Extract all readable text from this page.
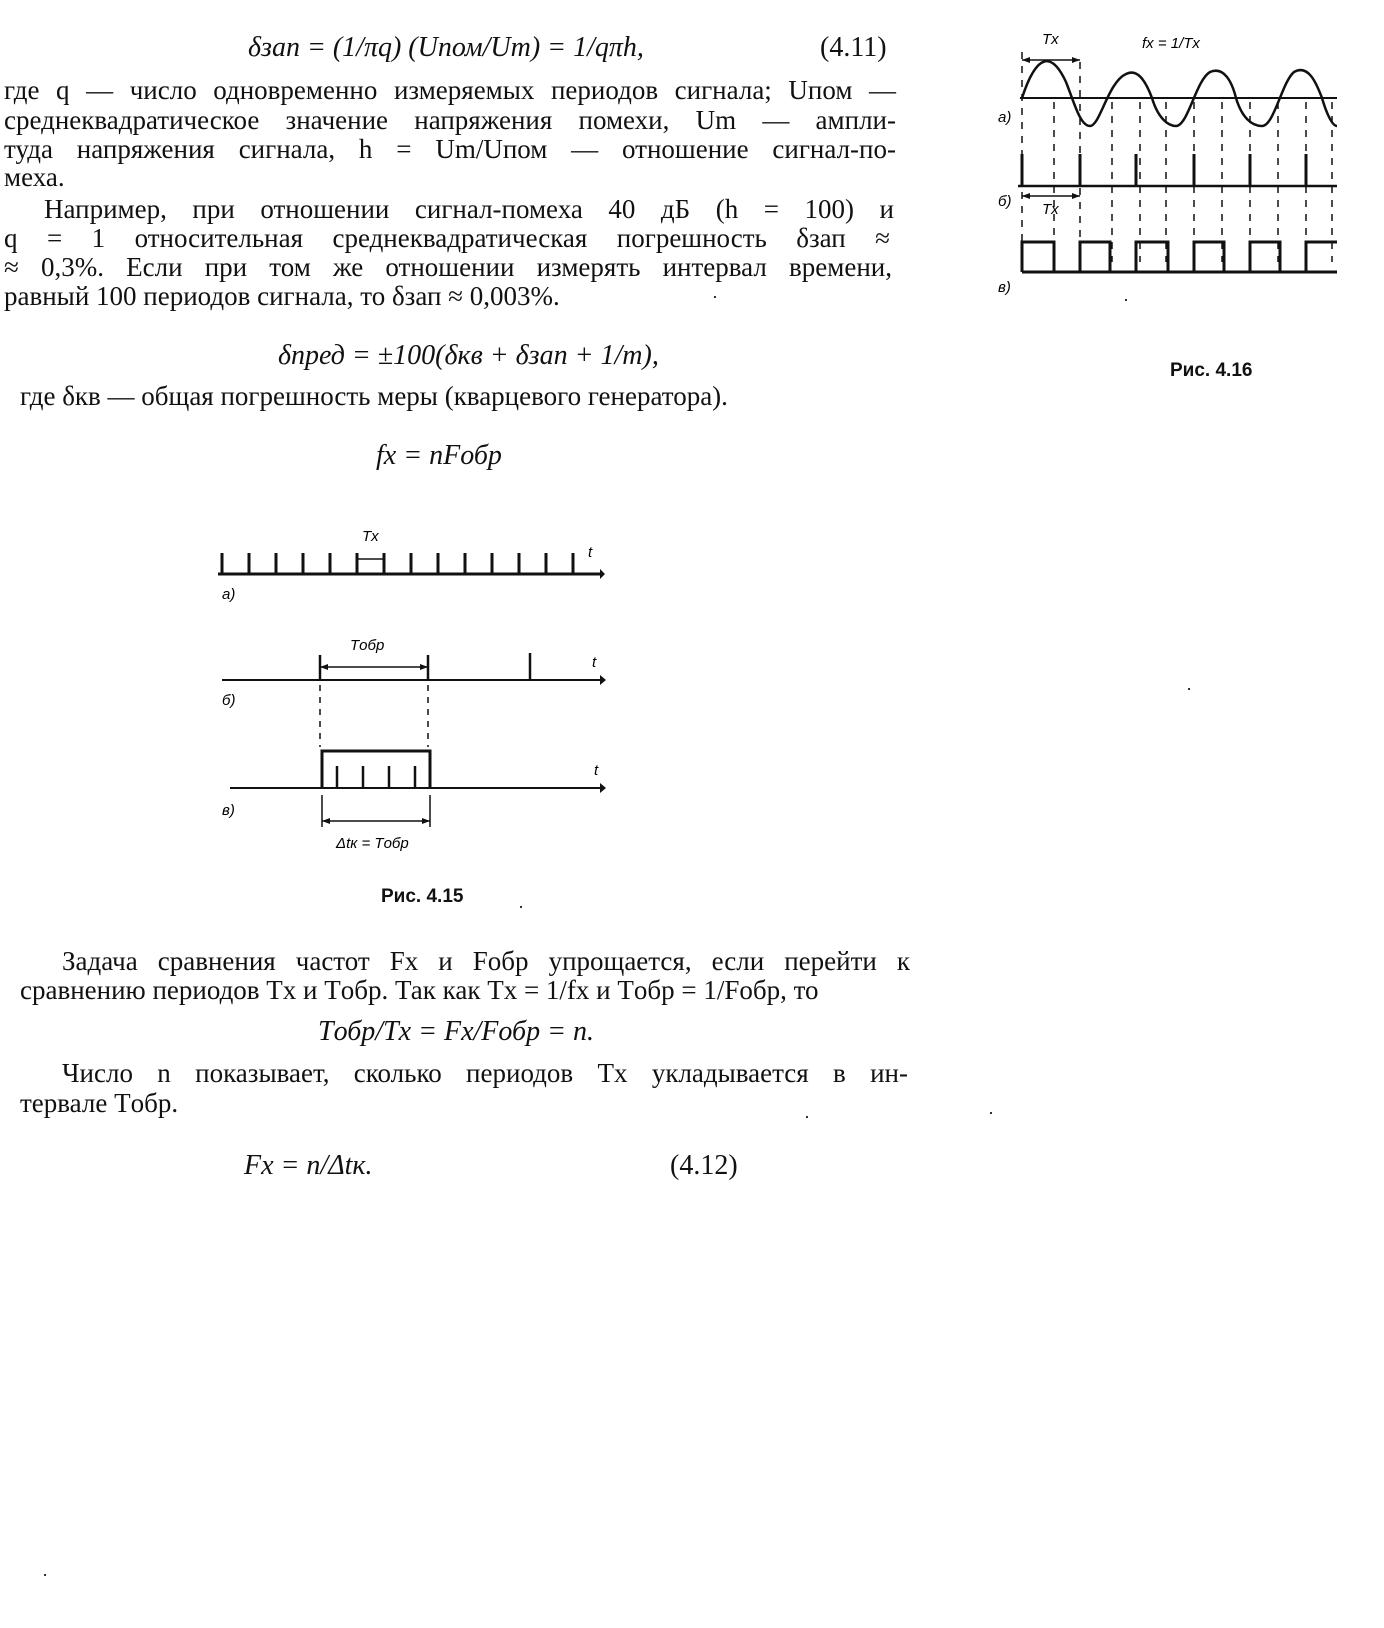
δзап = (1/πq) (Uпом/Um) = 1/qπh,	(4.11)
где q — число одновременно измеряемых периодов сигнала; Uпом —
среднеквадратическое значение напряжения помехи, Um — ампли-
туда напряжения сигнала, h = Um/Uпом — отношение сигнал-по-
меха.
Например, при отношении сигнал-помеха 40 дБ (h = 100) и
q = 1 относительная среднеквадратическая погрешность δзап ≈
≈ 0,3%. Если при том же отношении измерять интервал времени,
равный 100 периодов сигнала, то δзап ≈ 0,003%.
δпред = ±100(δкв + δзап + 1/m),
где δкв — общая погрешность меры (кварцевого генератора).
fx = nFобр
Tx
t
а)
Tобр
t
б)
t
в)
Δtк = Tобр
Рис. 4.15
Tx	fx = 1/Tx
а)
б) Tx
в)
Рис. 4.16
Задача сравнения частот Fx и Fобр упрощается, если перейти к
сравнению периодов Tx и Tобр. Так как Tx = 1/fx и Tобр = 1/Fобр, то
Tобр/Tx = Fx/Fобр = n.
Число n показывает, сколько периодов Tx укладывается в ин-
тервале Tобр.
Fx = n/Δtк.	(4.12)
